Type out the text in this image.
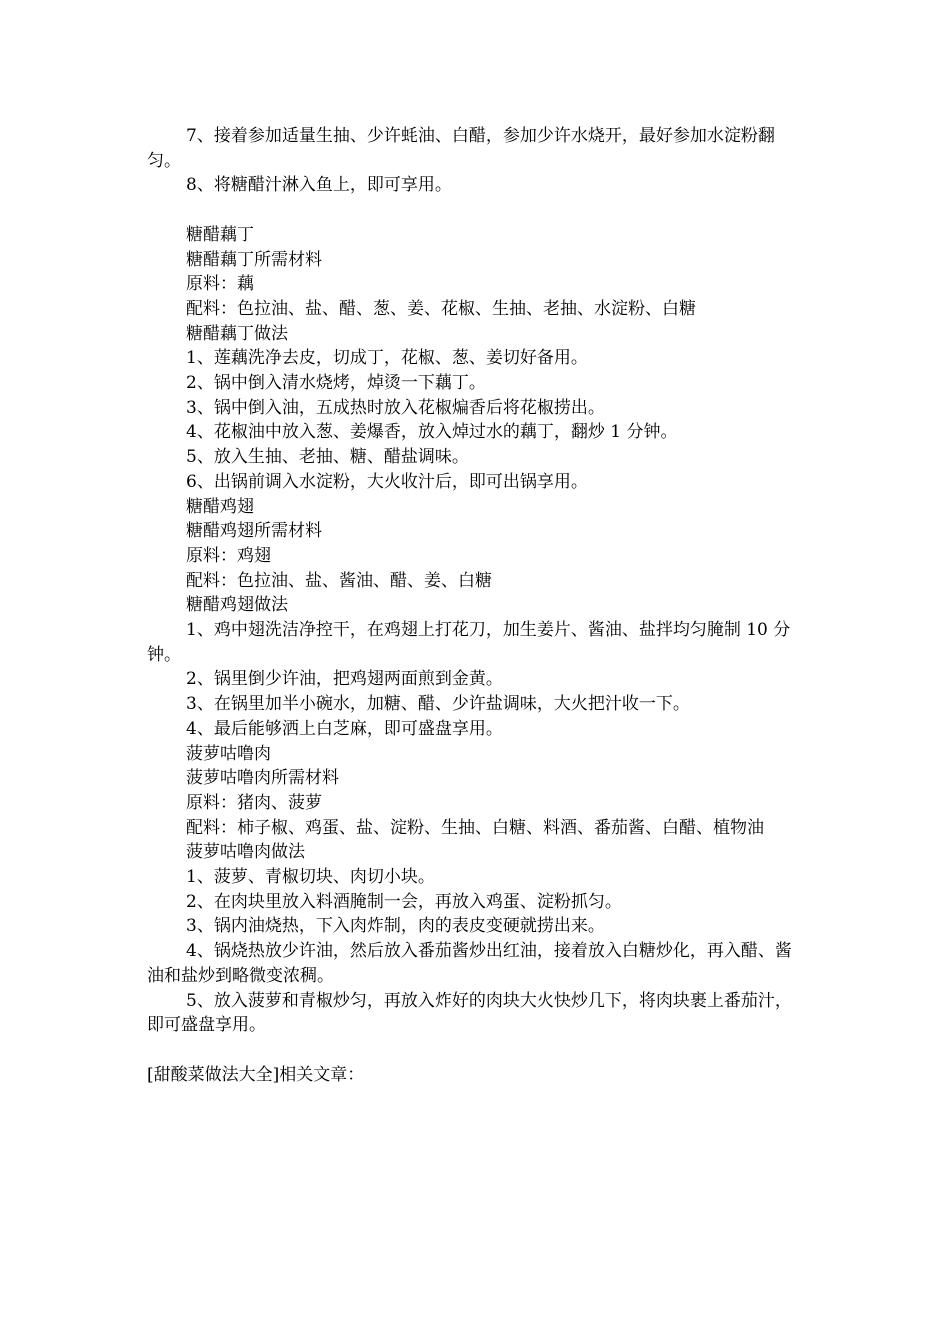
7、接着参加适量生抽、少许蚝油、白醋，参加少许水烧开，最好参加水淀粉翻匀。

8、将糖醋汁淋入鱼上，即可享用。

糖醋藕丁

糖醋藕丁所需材料

原料：藕

配料：色拉油、盐、醋、葱、姜、花椒、生抽、老抽、水淀粉、白糖

糖醋藕丁做法

1、莲藕洗净去皮，切成丁，花椒、葱、姜切好备用。

2、锅中倒入清水烧烤，焯烫一下藕丁。

3、锅中倒入油，五成热时放入花椒煸香后将花椒捞出。

4、花椒油中放入葱、姜爆香，放入焯过水的藕丁，翻炒 1 分钟。

5、放入生抽、老抽、糖、醋盐调味。

6、出锅前调入水淀粉，大火收汁后，即可出锅享用。

糖醋鸡翅

糖醋鸡翅所需材料

原料：鸡翅

配料：色拉油、盐、酱油、醋、姜、白糖

糖醋鸡翅做法

1、鸡中翅洗洁净控干，在鸡翅上打花刀，加生姜片、酱油、盐拌均匀腌制 10 分钟。

2、锅里倒少许油，把鸡翅两面煎到金黄。

3、在锅里加半小碗水，加糖、醋、少许盐调味，大火把汁收一下。

4、最后能够洒上白芝麻，即可盛盘享用。

菠萝咕噜肉

菠萝咕噜肉所需材料

原料：猪肉、菠萝

配料：柿子椒、鸡蛋、盐、淀粉、生抽、白糖、料酒、番茄酱、白醋、植物油

菠萝咕噜肉做法

1、菠萝、青椒切块、肉切小块。

2、在肉块里放入料酒腌制一会，再放入鸡蛋、淀粉抓匀。

3、锅内油烧热，下入肉炸制，肉的表皮变硬就捞出来。

4、锅烧热放少许油，然后放入番茄酱炒出红油，接着放入白糖炒化，再入醋、酱油和盐炒到略微变浓稠。

5、放入菠萝和青椒炒匀，再放入炸好的肉块大火快炒几下，将肉块裹上番茄汁，即可盛盘享用。

[甜酸菜做法大全]相关文章：
